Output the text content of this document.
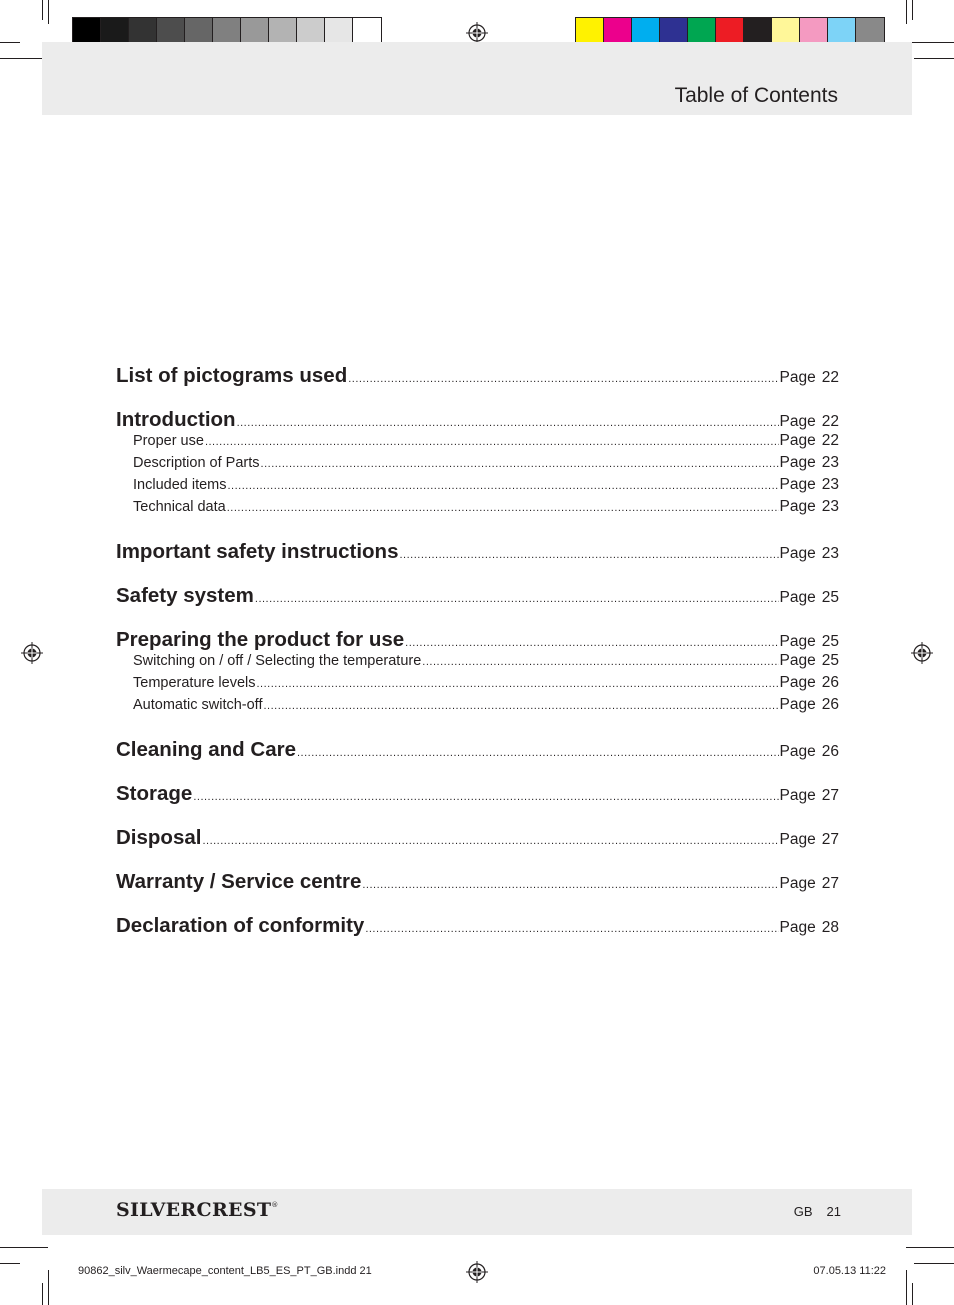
Table of Contents
List of pictograms used .....	Page 22
Introduction .....	Page 22
Proper use .....	Page 22
Description of Parts .....	Page 23
Included items .....	Page 23
Technical data .....	Page 23
Important safety instructions .....	Page 23
Safety system .....	Page 25
Preparing the product for use .....	Page 25
Switching on / off / Selecting the temperature .....	Page 25
Temperature levels .....	Page 26
Automatic switch-off .....	Page 26
Cleaning and Care .....	Page 26
Storage .....	Page 27
Disposal .....	Page 27
Warranty / Service centre .....	Page 27
Declaration of conformity .....	Page 28
SILVERCREST®	GB 21
90862_silv_Waermecape_content_LB5_ES_PT_GB.indd 21	07.05.13 11:22
